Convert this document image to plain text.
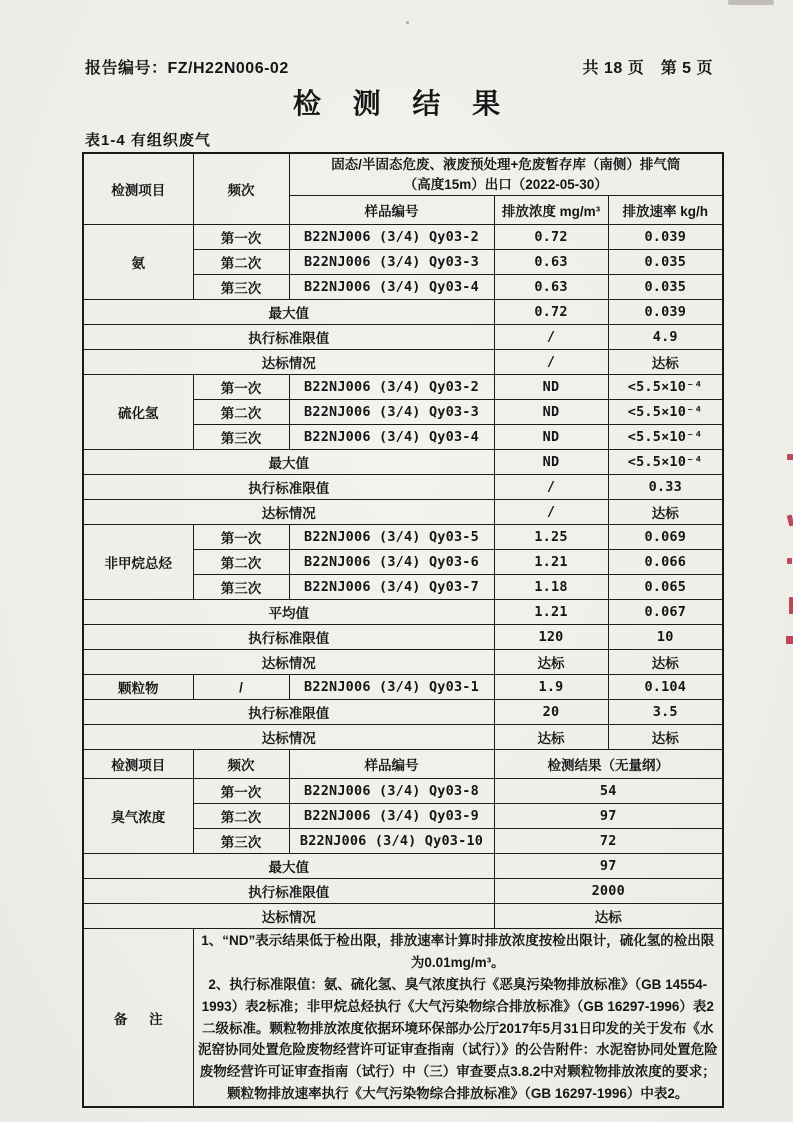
报告编号：FZ/H22N006-02	共 18 页　第 5 页
检 测 结 果
表1-4 有组织废气
检测项目	频次	固态/半固态危废、液废预处理+危废暂存库（南侧）排气筒
（高度15m）出口（2022-05-30）		

		样品编号	排放浓度 mg/m³	排放速率 kg/h
氨	第一次	B22NJ006 (3/4) Qy03-2	0.72	0.039
	第二次	B22NJ006 (3/4) Qy03-3	0.63	0.035
	第三次	B22NJ006 (3/4) Qy03-4	0.63	0.035
最大值			0.72	0.039
执行标准限值			/	4.9
达标情况			/	达标
硫化氢	第一次	B22NJ006 (3/4) Qy03-2	ND	<5.5×10⁻⁴
	第二次	B22NJ006 (3/4) Qy03-3	ND	<5.5×10⁻⁴
	第三次	B22NJ006 (3/4) Qy03-4	ND	<5.5×10⁻⁴
最大值			ND	<5.5×10⁻⁴
执行标准限值			/	0.33
达标情况			/	达标
非甲烷总烃	第一次	B22NJ006 (3/4) Qy03-5	1.25	0.069
	第二次	B22NJ006 (3/4) Qy03-6	1.21	0.066
	第三次	B22NJ006 (3/4) Qy03-7	1.18	0.065
平均值			1.21	0.067
执行标准限值			120	10
达标情况			达标	达标
颗粒物	/	B22NJ006 (3/4) Qy03-1	1.9	0.104
执行标准限值			20	3.5
达标情况			达标	达标
检测项目	频次	样品编号	检测结果（无量纲）	
臭气浓度	第一次	B22NJ006 (3/4) Qy03-8	54	
	第二次	B22NJ006 (3/4) Qy03-9	97	
	第三次	B22NJ006 (3/4) Qy03-10	72	
最大值			97	
执行标准限值			2000	
达标情况			达标	
备 注	1、“ND”表示结果低于检出限，排放速率计算时排放浓度按检出限计，硫化氢的检出限为0.01mg/m³。
2、执行标准限值：氨、硫化氢、臭气浓度执行《恶臭污染物排放标准》（GB 14554-1993）表2标准；非甲烷总烃执行《大气污染物综合排放标准》（GB 16297-1996）表2二级标准。颗粒物排放浓度依据环境环保部办公厅2017年5月31日印发的关于发布《水泥窑协同处置危险废物经营许可证审查指南（试行）》的公告附件：水泥窑协同处置危险废物经营许可证审查指南（试行）中（三）审查要点3.8.2中对颗粒物排放浓度的要求；颗粒物排放速率执行《大气污染物综合排放标准》（GB 16297-1996）中表2。			
